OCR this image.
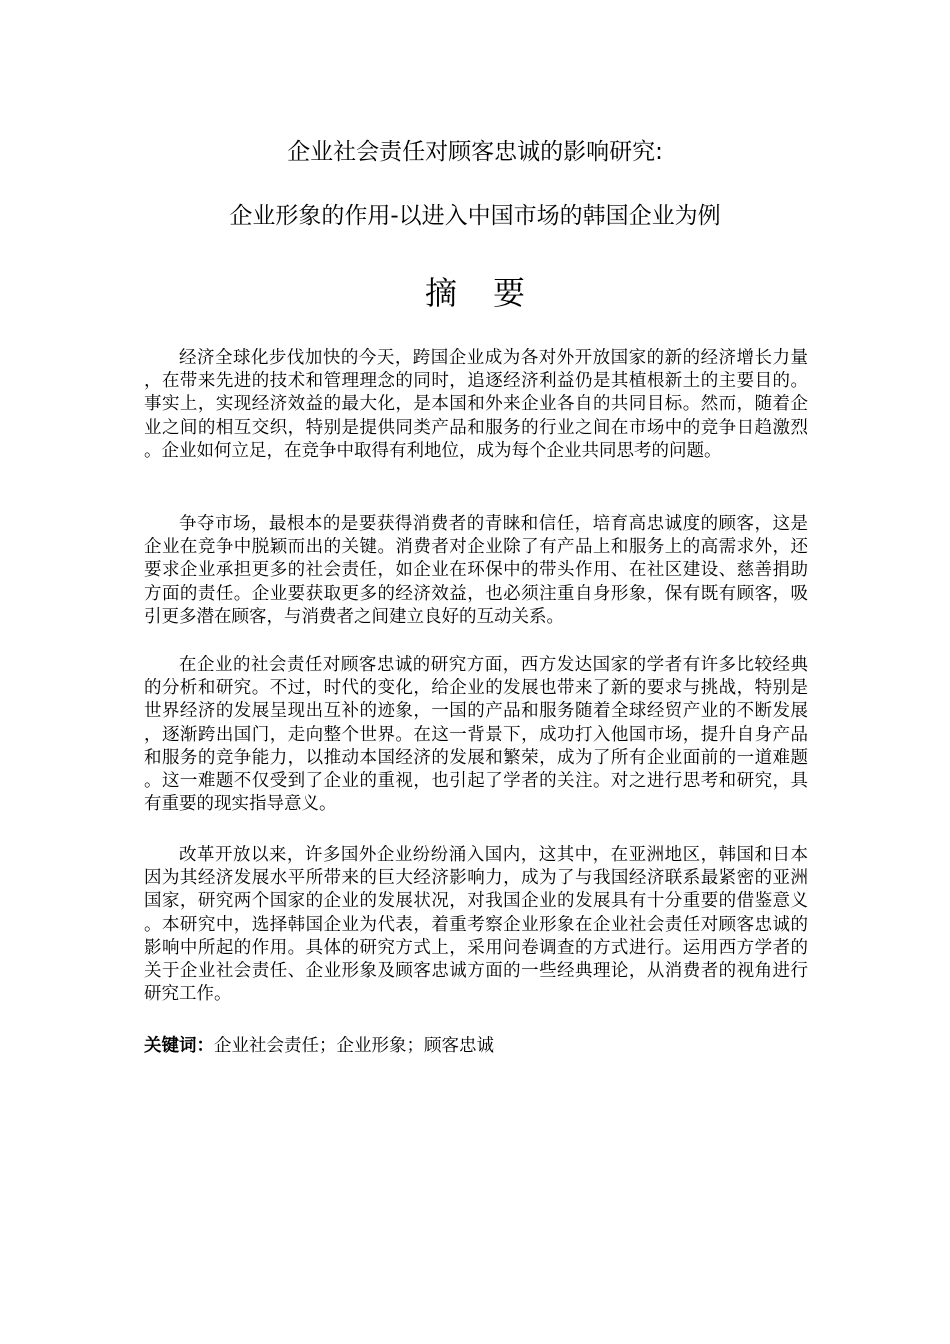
企业社会责任对顾客忠诚的影响研究:
企业形象的作用-以进入中国市场的韩国企业为例
摘 要

经济全球化步伐加快的今天，跨国企业成为各对外开放国家的新的经济增长力量，在带来先进的技术和管理理念的同时，追逐经济利益仍是其植根新土的主要目的。事实上，实现经济效益的最大化，是本国和外来企业各自的共同目标。然而，随着企业之间的相互交织，特别是提供同类产品和服务的行业之间在市场中的竞争日趋激烈。企业如何立足，在竞争中取得有利地位，成为每个企业共同思考的问题。

争夺市场，最根本的是要获得消费者的青睐和信任，培育高忠诚度的顾客，这是企业在竞争中脱颖而出的关键。消费者对企业除了有产品上和服务上的高需求外，还要求企业承担更多的社会责任，如企业在环保中的带头作用、在社区建设、慈善捐助方面的责任。企业要获取更多的经济效益，也必须注重自身形象，保有既有顾客，吸引更多潜在顾客，与消费者之间建立良好的互动关系。

在企业的社会责任对顾客忠诚的研究方面，西方发达国家的学者有许多比较经典的分析和研究。不过，时代的变化，给企业的发展也带来了新的要求与挑战，特别是世界经济的发展呈现出互补的迹象，一国的产品和服务随着全球经贸产业的不断发展，逐渐跨出国门，走向整个世界。在这一背景下，成功打入他国市场，提升自身产品和服务的竞争能力，以推动本国经济的发展和繁荣，成为了所有企业面前的一道难题。这一难题不仅受到了企业的重视，也引起了学者的关注。对之进行思考和研究，具有重要的现实指导意义。

改革开放以来，许多国外企业纷纷涌入国内，这其中，在亚洲地区，韩国和日本因为其经济发展水平所带来的巨大经济影响力，成为了与我国经济联系最紧密的亚洲国家，研究两个国家的企业的发展状况，对我国企业的发展具有十分重要的借鉴意义。本研究中，选择韩国企业为代表，着重考察企业形象在企业社会责任对顾客忠诚的影响中所起的作用。具体的研究方式上，采用问卷调查的方式进行。运用西方学者的关于企业社会责任、企业形象及顾客忠诚方面的一些经典理论，从消费者的视角进行研究工作。

关键词：企业社会责任；企业形象；顾客忠诚
